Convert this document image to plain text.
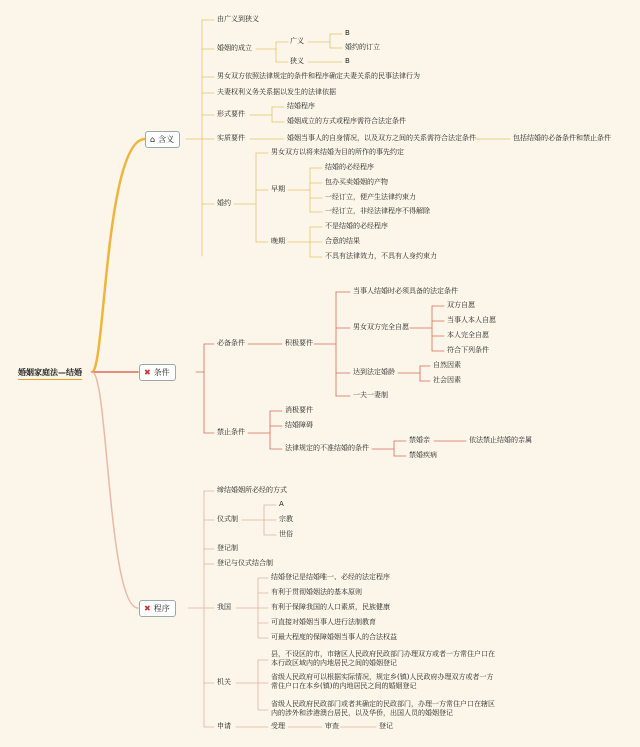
婚姻家庭法—结婚
⌂ 含义
✖ 条件
✖ 程序
由广义到狭义
婚姻的成立
广义
B
婚约的订立
狭义	B
男女双方依照法律规定的条件和程序确定夫妻关系的民事法律行为
夫妻权利义务关系据以发生的法律依据
形式要件
结婚程序
婚姻成立的方式或程序需符合法定条件
实质要件	婚姻当事人的自身情况，以及双方之间的关系需符合法定条件	包括结婚的必备条件和禁止条件
婚约
男女双方以将来结婚为目的所作的事先约定
早期
结婚的必经程序
包办买卖婚姻的产物
一经订立，便产生法律约束力
一经订立，非经法律程序不得解除
晚期
不是结婚的必经程序
合意的结果
不具有法律效力，不具有人身约束力
必备条件	积极要件
当事人结婚时必须具备的法定条件
男女双方完全自愿
双方自愿
当事人本人自愿
本人完全自愿
符合下列条件
达到法定婚龄
自然因素
社会因素
一夫一妻制
禁止条件
消极要件
结婚障碍
法律规定的不准结婚的条件
禁婚亲	依法禁止结婚的亲属
禁婚疾病
缔结婚姻所必经的方式
仪式制
A
宗教
世俗
登记制
登记与仪式结合制
我国
结婚登记是结婚唯一、必经的法定程序
有利于贯彻婚姻法的基本原则
有利于保障我国的人口素质，民族健康
可直接对婚姻当事人进行法制教育
可最大程度的保障婚姻当事人的合法权益
机关
县，不设区的市，市辖区人民政府民政部门办理双方或者一方常住户口在本行政区域内的内地居民之间的婚姻登记
省级人民政府可以根据实际情况，规定乡(镇)人民政府办理双方或者一方常住户口在本乡(镇)的内地居民之间的婚姻登记
省级人民政府民政部门或者其确定的民政部门，办理一方常住户口在辖区内的涉外和涉港澳台居民，以及华侨，出国人员的婚姻登记
申请	受理	审查	登记
